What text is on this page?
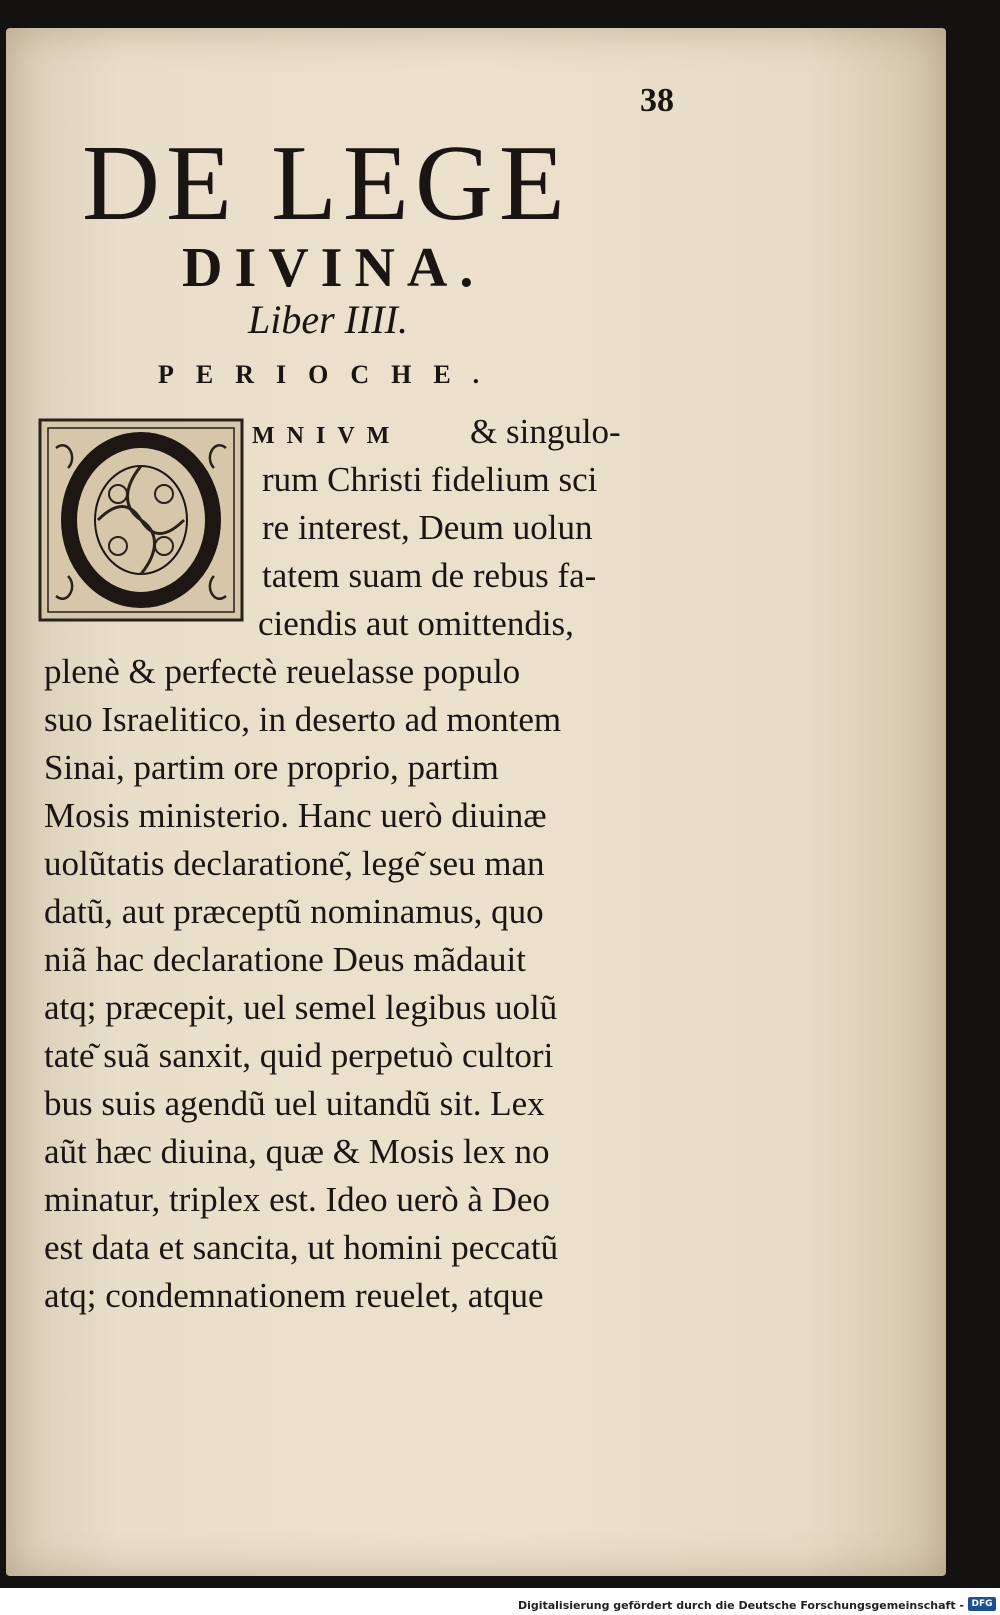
38
DE LEGE
DIVINA.
Liber IIII.
PERIOCHE.
MNIVM & singulo-
rum Christi fidelium sci
re interest, Deum uolun
tatem suam de rebus fa-
ciendis aut omittendis,
plenè & perfectè reuelasse populo
suo Israelitico, in deserto ad montem
Sinai, partim ore proprio, partim
Mosis ministerio. Hanc uerò diuinæ
uolũtatis declaratione͂, lege͂ seu man
datũ, aut præceptũ nominamus, quo
niã hac declaratione Deus mãdauit
atq; præcepit, uel semel legibus uolũ
tate͂ suã sanxit, quid perpetuò cultori
bus suis agendũ uel uitandũ sit. Lex
aũt hæc diuina, quæ & Mosis lex no
minatur, triplex est. Ideo uerò à Deo
est data et sancita, ut homini peccatũ
atq; condemnationem reuelet, atque
Digitalisierung gefördert durch die Deutsche Forschungsgemeinschaft - DFG
